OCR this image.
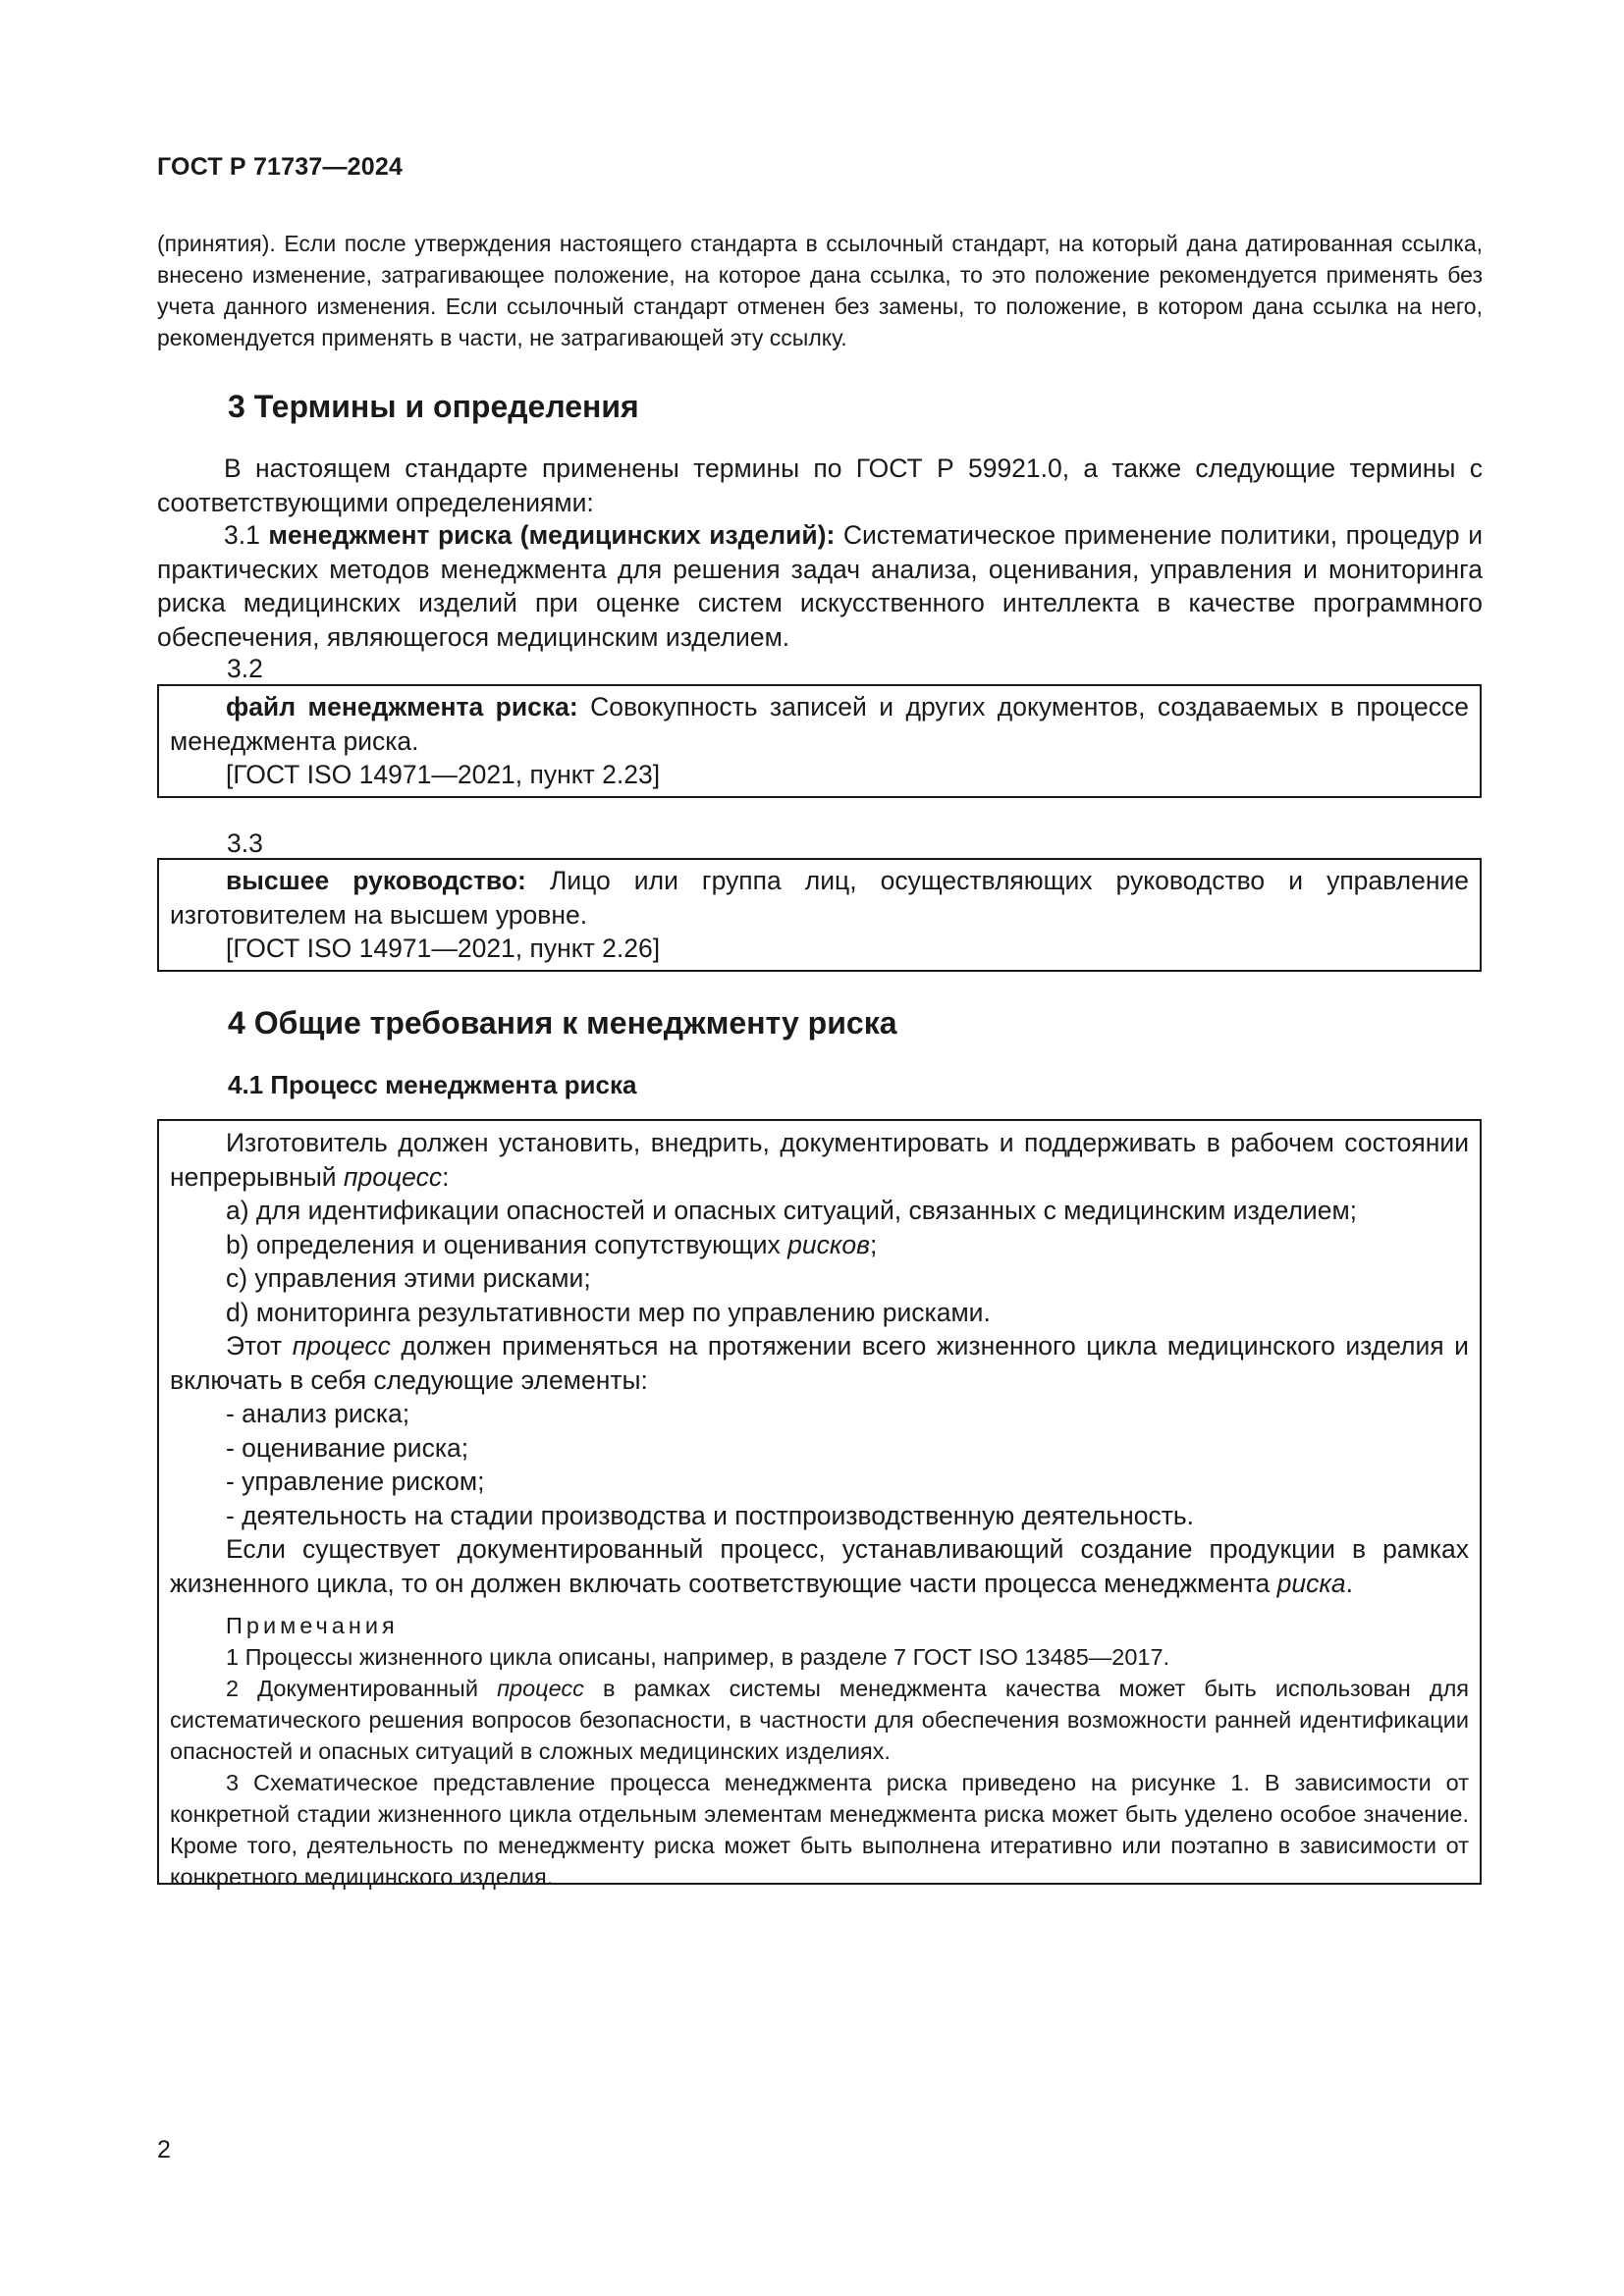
ГОСТ Р 71737—2024
(принятия). Если после утверждения настоящего стандарта в ссылочный стандарт, на который дана датированная ссылка, внесено изменение, затрагивающее положение, на которое дана ссылка, то это положение рекомендуется применять без учета данного изменения. Если ссылочный стандарт отменен без замены, то положение, в котором дана ссылка на него, рекомендуется применять в части, не затрагивающей эту ссылку.
3 Термины и определения

В настоящем стандарте применены термины по ГОСТ Р 59921.0, а также следующие термины с соответствующими определениями:

3.1 менеджмент риска (медицинских изделий): Систематическое применение политики, процедур и практических методов менеджмента для решения задач анализа, оценивания, управления и мониторинга риска медицинских изделий при оценке систем искусственного интеллекта в качестве программного обеспечения, являющегося медицинским изделием.

3.2

файл менеджмента риска: Совокупность записей и других документов, создаваемых в процессе менеджмента риска.

[ГОСТ ISO 14971—2021, пункт 2.23]
3.3

высшее руководство: Лицо или группа лиц, осуществляющих руководство и управление изготовителем на высшем уровне.

[ГОСТ ISO 14971—2021, пункт 2.26]
4 Общие требования к менеджменту риска
4.1 Процесс менеджмента риска

Изготовитель должен установить, внедрить, документировать и поддерживать в рабочем состоянии непрерывный процесс:

a) для идентификации опасностей и опасных ситуаций, связанных с медицинским изделием;
b) определения и оценивания сопутствующих рисков;
c) управления этими рисками;
d) мониторинга результативности мер по управлению рисками.

Этот процесс должен применяться на протяжении всего жизненного цикла медицинского изделия и включать в себя следующие элементы:

- анализ риска;
- оценивание риска;
- управление риском;
- деятельность на стадии производства и постпроизводственную деятельность.

Если существует документированный процесс, устанавливающий создание продукции в рамках жизненного цикла, то он должен включать соответствующие части процесса менеджмента риска.

Примечания

1 Процессы жизненного цикла описаны, например, в разделе 7 ГОСТ ISO 13485—2017.

2 Документированный процесс в рамках системы менеджмента качества может быть использован для систематического решения вопросов безопасности, в частности для обеспечения возможности ранней идентификации опасностей и опасных ситуаций в сложных медицинских изделиях.

3 Схематическое представление процесса менеджмента риска приведено на рисунке 1. В зависимости от конкретной стадии жизненного цикла отдельным элементам менеджмента риска может быть уделено особое значение. Кроме того, деятельность по менеджменту риска может быть выполнена итеративно или поэтапно в зависимости от конкретного медицинского изделия.

2
